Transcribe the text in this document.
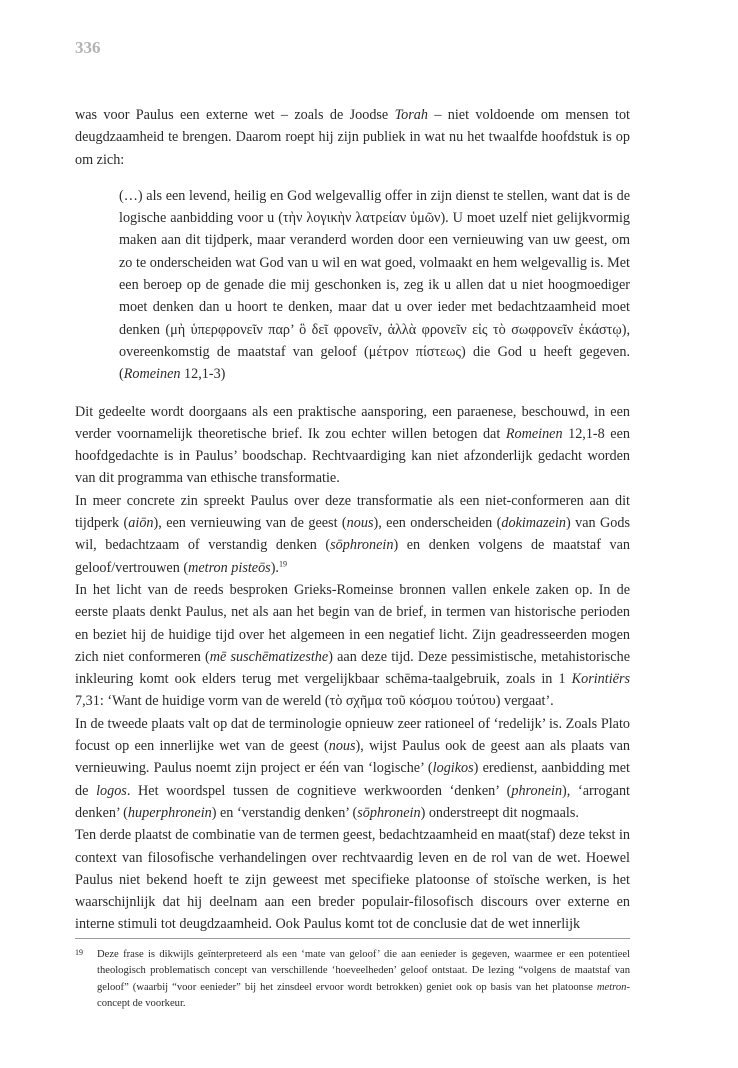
336

was voor Paulus een externe wet – zoals de Joodse Torah – niet voldoende om mensen tot deugdzaamheid te brengen. Daarom roept hij zijn publiek in wat nu het twaalfde hoofdstuk is op om zich:

(…) als een levend, heilig en God welgevallig offer in zijn dienst te stellen, want dat is de logische aanbidding voor u (τὴν λογικὴν λατρείαν ὑμῶν). U moet uzelf niet gelijkvormig maken aan dit tijdperk, maar veranderd worden door een vernieuwing van uw geest, om zo te onderscheiden wat God van u wil en wat goed, volmaakt en hem welgevallig is. Met een beroep op de genade die mij geschonken is, zeg ik u allen dat u niet hoogmoediger moet denken dan u hoort te denken, maar dat u over ieder met bedachtzaamheid moet denken (μὴ ὑπερφρονεῖν παρ’ ὃ δεῖ φρονεῖν, ἀλλὰ φρονεῖν εἰς τὸ σωφρονεῖν ἑκάστῳ), overeenkomstig de maatstaf van geloof (μέτρον πίστεως) die God u heeft gegeven. (Romeinen 12,1-3)

Dit gedeelte wordt doorgaans als een praktische aansporing, een paraenese, beschouwd, in een verder voornamelijk theoretische brief. Ik zou echter willen betogen dat Romeinen 12,1-8 een hoofdgedachte is in Paulus’ boodschap. Rechtvaardiging kan niet afzonderlijk gedacht worden van dit programma van ethische transformatie.

In meer concrete zin spreekt Paulus over deze transformatie als een niet-conformeren aan dit tijdperk (aiōn), een vernieuwing van de geest (nous), een onderscheiden (dokimazein) van Gods wil, bedachtzaam of verstandig denken (sōphronein) en denken volgens de maatstaf van geloof/vertrouwen (metron pisteōs).$^{19}$

In het licht van de reeds besproken Grieks-Romeinse bronnen vallen enkele zaken op. In de eerste plaats denkt Paulus, net als aan het begin van de brief, in termen van historische perioden en beziet hij de huidige tijd over het algemeen in een negatief licht. Zijn geadresseerden mogen zich niet conformeren (mē suschēmatizesthe) aan deze tijd. Deze pessimistische, metahistorische inkleuring komt ook elders terug met vergelijkbaar schēma-taalgebruik, zoals in 1 Korintiërs 7,31: ‘Want de huidige vorm van de wereld (τὸ σχῆμα τοῦ κόσμου τούτου) vergaat’.

In de tweede plaats valt op dat de terminologie opnieuw zeer rationeel of ‘redelijk’ is. Zoals Plato focust op een innerlijke wet van de geest (nous), wijst Paulus ook de geest aan als plaats van vernieuwing. Paulus noemt zijn project er één van ‘logische’ (logikos) eredienst, aanbidding met de logos. Het woordspel tussen de cognitieve werkwoorden ‘denken’ (phronein), ‘arrogant denken’ (huperphronein) en ‘verstandig denken’ (sōphronein) onderstreept dit nogmaals.

Ten derde plaatst de combinatie van de termen geest, bedachtzaamheid en maat(staf) deze tekst in context van filosofische verhandelingen over rechtvaardig leven en de rol van de wet. Hoewel Paulus niet bekend hoeft te zijn geweest met specifieke platoonse of stoïsche werken, is het waarschijnlijk dat hij deelnam aan een breder populair-filosofisch discours over externe en interne stimuli tot deugdzaamheid. Ook Paulus komt tot de conclusie dat de wet innerlijk

19	Deze frase is dikwijls geïnterpreteerd als een ‘mate van geloof’ die aan eenieder is gegeven, waarmee er een potentieel theologisch problematisch concept van verschillende ‘hoeveelheden’ geloof ontstaat. De lezing “volgens de maatstaf van geloof” (waarbij “voor eenieder” bij het zinsdeel ervoor wordt betrokken) geniet ook op basis van het platoonse metron-concept de voorkeur.
